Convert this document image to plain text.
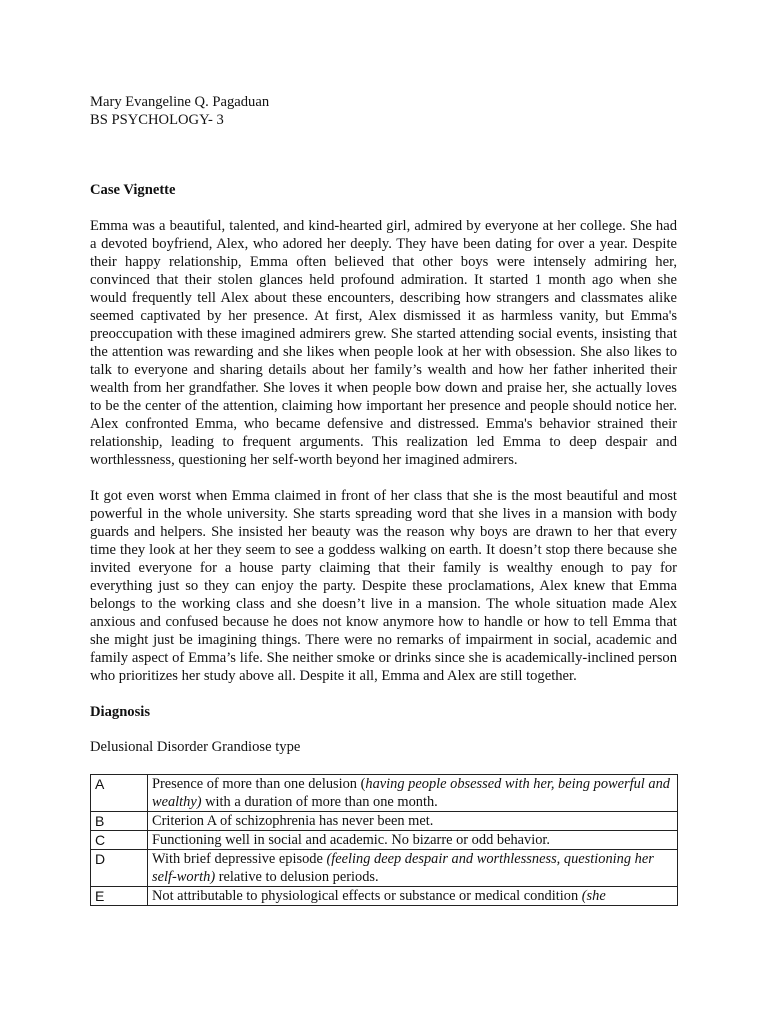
Mary Evangeline Q. Pagaduan

BS PSYCHOLOGY- 3

Case Vignette

Emma was a beautiful, talented, and kind-hearted girl, admired by everyone at her college. She had a devoted boyfriend, Alex, who adored her deeply. They have been dating for over a year. Despite their happy relationship, Emma often believed that other boys were intensely admiring her, convinced that their stolen glances held profound admiration. It started 1 month ago when she would frequently tell Alex about these encounters, describing how strangers and classmates alike seemed captivated by her presence. At first, Alex dismissed it as harmless vanity, but Emma's preoccupation with these imagined admirers grew. She started attending social events, insisting that the attention was rewarding and she likes when people look at her with obsession. She also likes to talk to everyone and sharing details about her family’s wealth and how her father inherited their wealth from her grandfather. She loves it when people bow down and praise her, she actually loves to be the center of the attention, claiming how important her presence and people should notice her. Alex confronted Emma, who became defensive and distressed. Emma's behavior strained their relationship, leading to frequent arguments. This realization led Emma to deep despair and worthlessness, questioning her self-worth beyond her imagined admirers.

It got even worst when Emma claimed in front of her class that she is the most beautiful and most powerful in the whole university. She starts spreading word that she lives in a mansion with body guards and helpers. She insisted her beauty was the reason why boys are drawn to her that every time they look at her they seem to see a goddess walking on earth. It doesn’t stop there because she invited everyone for a house party claiming that their family is wealthy enough to pay for everything just so they can enjoy the party. Despite these proclamations, Alex knew that Emma belongs to the working class and she doesn’t live in a mansion. The whole situation made Alex anxious and confused because he does not know anymore how to handle or how to tell Emma that she might just be imagining things. There were no remarks of impairment in social, academic and family aspect of Emma’s life. She neither smoke or drinks since she is academically-inclined person who prioritizes her study above all. Despite it all, Emma and Alex are still together.

Diagnosis

Delusional Disorder Grandiose type

A	Presence of more than one delusion (having people obsessed with her, being powerful and wealthy) with a duration of more than one month.
B	Criterion A of schizophrenia has never been met.
C	Functioning well in social and academic. No bizarre or odd behavior.
D	With brief depressive episode (feeling deep despair and worthlessness, questioning her self-worth) relative to delusion periods.
E	Not attributable to physiological effects or substance or medical condition (she
